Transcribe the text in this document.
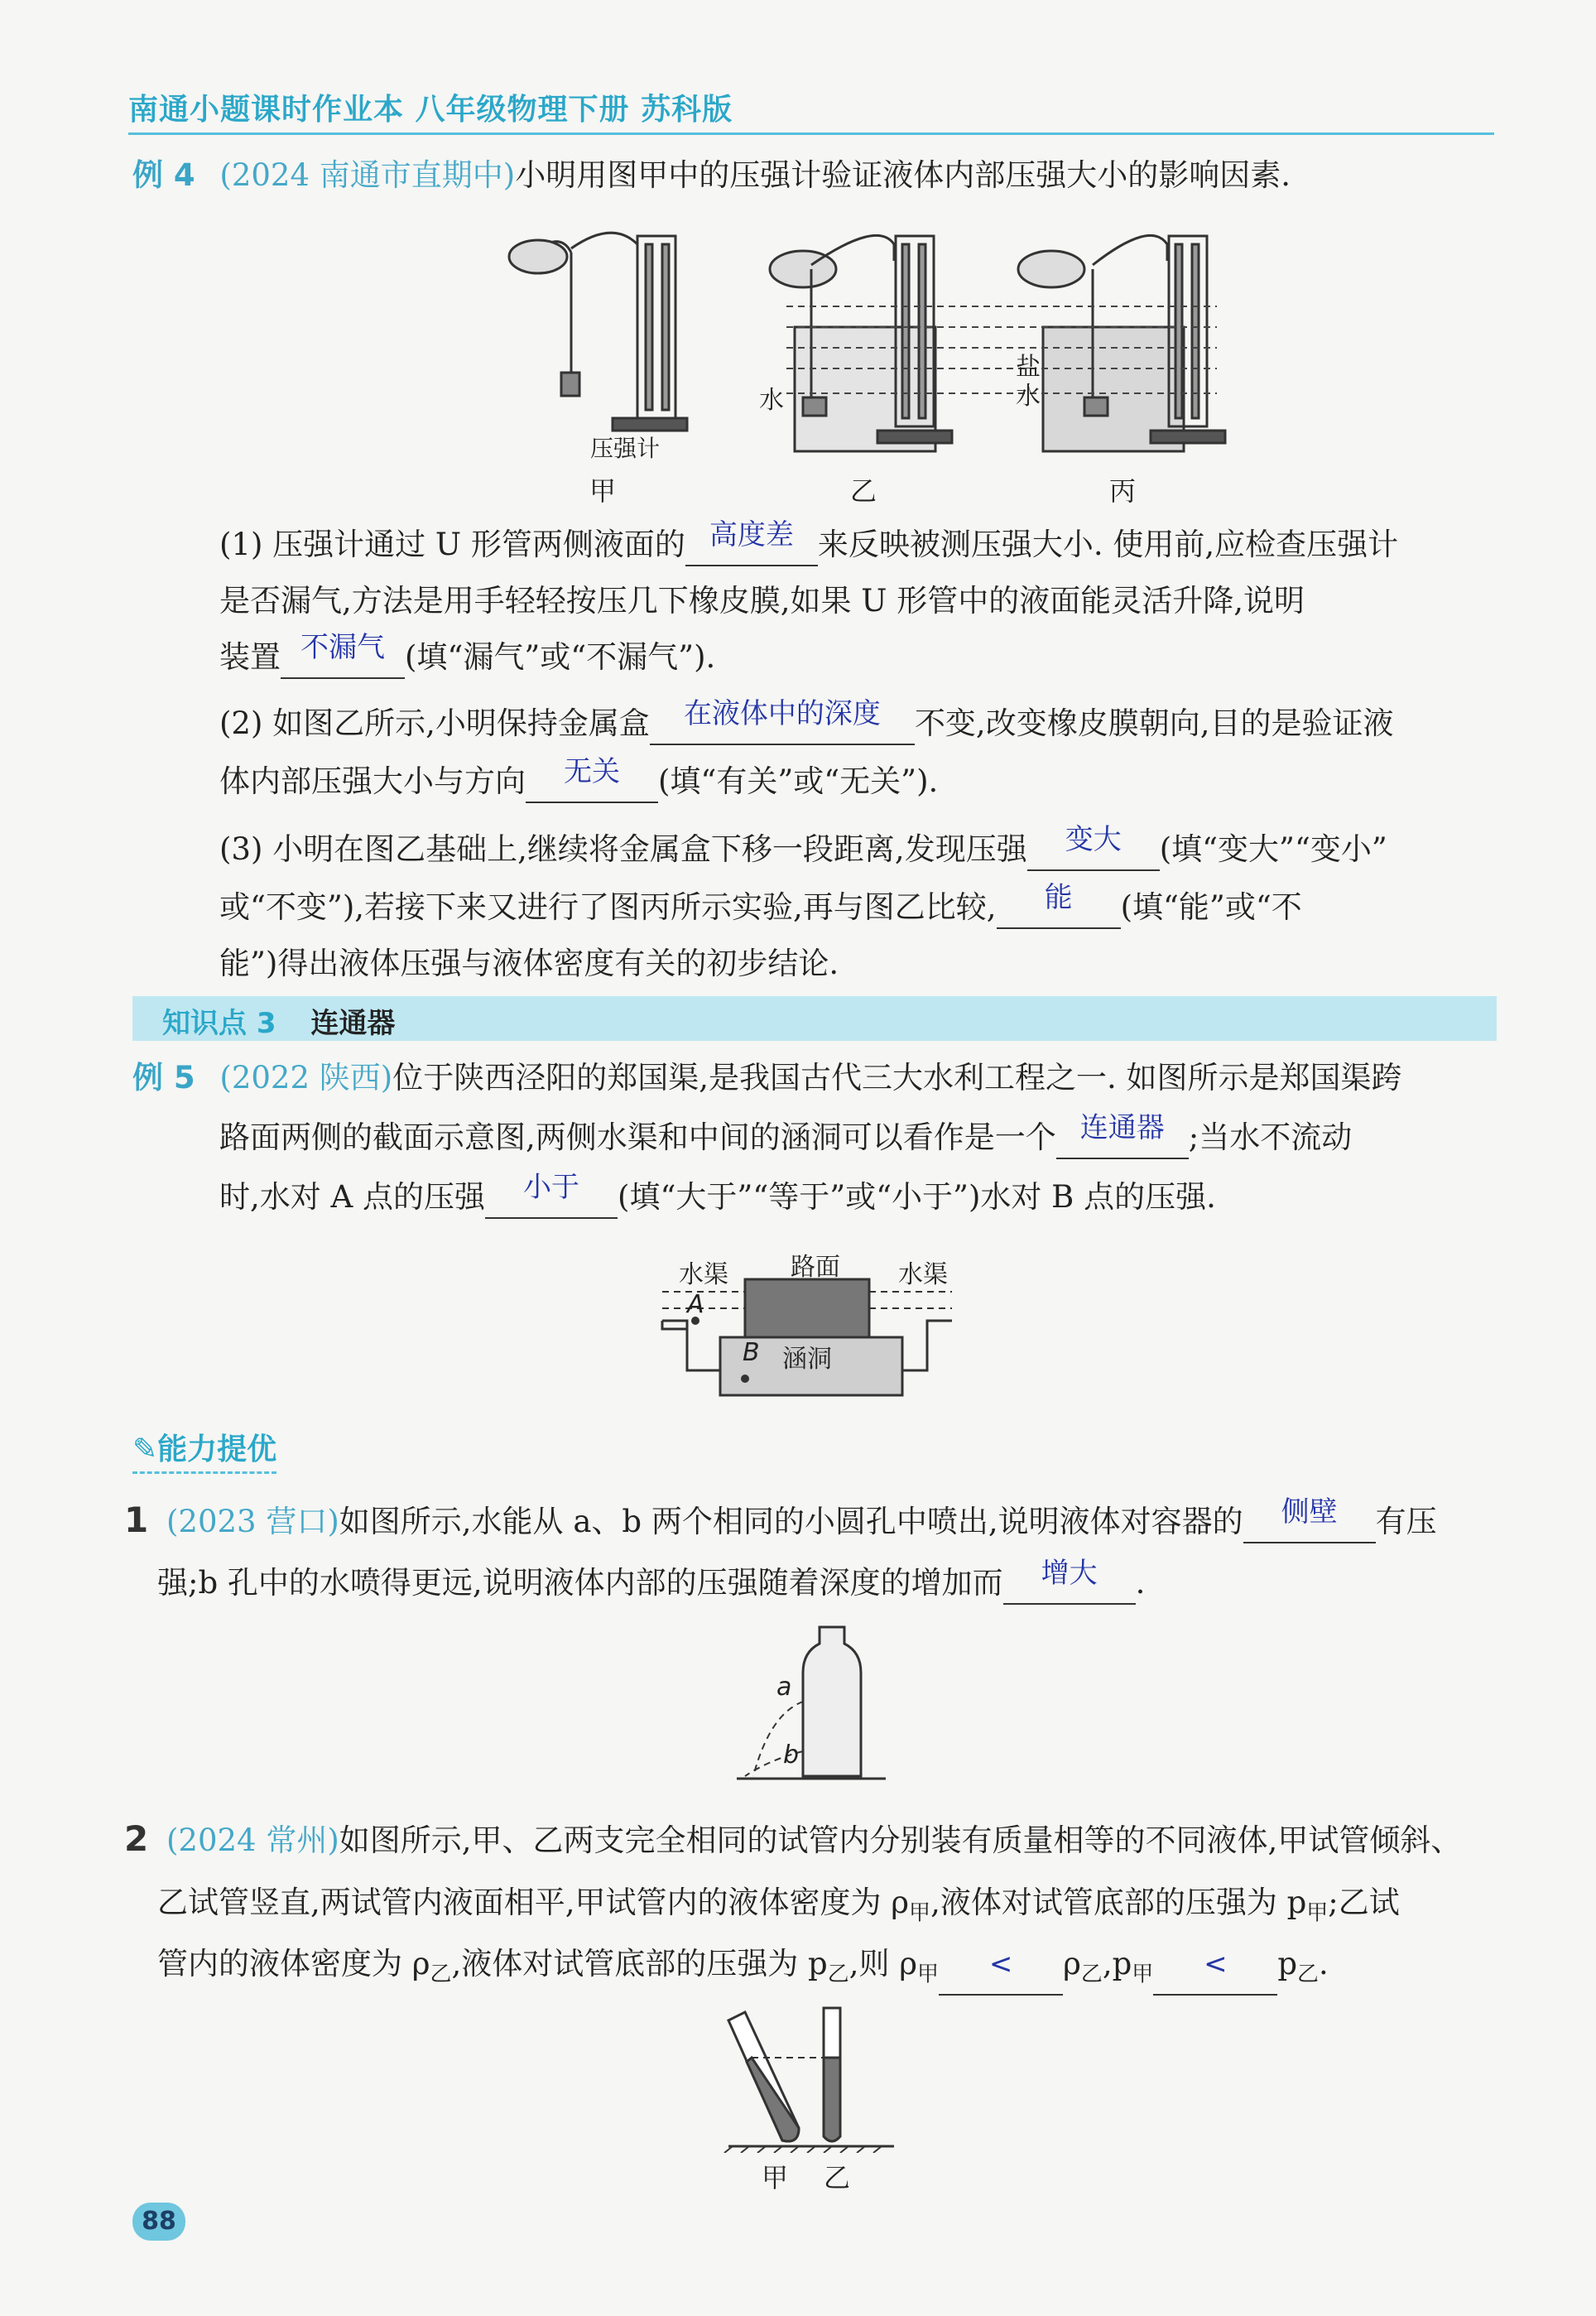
南通小题课时作业本 八年级物理下册 苏科版
例 4 (2024 南通市直期中)小明用图甲中的压强计验证液体内部压强大小的影响因素.
水
盐
水
压强计
甲	乙	丙
(1) 压强计通过 U 形管两侧液面的 高度差 来反映被测压强大小. 使用前,应检查压强计
是否漏气,方法是用手轻轻按压几下橡皮膜,如果 U 形管中的液面能灵活升降,说明
装置 不漏气 (填“漏气”或“不漏气”).
(2) 如图乙所示,小明保持金属盒	在液体中的深度	不变,改变橡皮膜朝向,目的是验证液
体内部压强大小与方向	无关	(填“有关”或“无关”).
(3) 小明在图乙基础上,继续将金属盒下移一段距离,发现压强	变大	(填“变大”“变小”
或“不变”),若接下来又进行了图丙所示实验,再与图乙比较,	能	(填“能”或“不
能”)得出液体压强与液体密度有关的初步结论.
知识点 3 连通器
例 5 (2022 陕西)位于陕西泾阳的郑国渠,是我国古代三大水利工程之一. 如图所示是郑国渠跨
路面两侧的截面示意图,两侧水渠和中间的涵洞可以看作是一个 连通器 ;当水不流动
时,水对 A 点的压强	小于	(填“大于”“等于”或“小于”)水对 B 点的压强.
水渠	路面 水渠
A
B 涵洞
✎能力提优
1 (2023 营口)如图所示,水能从 a、b 两个相同的小圆孔中喷出,说明液体对容器的	侧壁	有压
强;b 孔中的水喷得更远,说明液体内部的压强随着深度的增加而	增大	.
a
b
2 (2024 常州)如图所示,甲、乙两支完全相同的试管内分别装有质量相等的不同液体,甲试管倾斜、
乙试管竖直,两试管内液面相平,甲试管内的液体密度为 $\rho_甲$,液体对试管底部的压强为 $p_甲$;乙试
管内的液体密度为 $\rho_乙$,液体对试管底部的压强为 $p_乙$,则 $\rho_甲$	<	$\rho_乙,p_甲$	<	$p_乙$.
甲 乙
88
